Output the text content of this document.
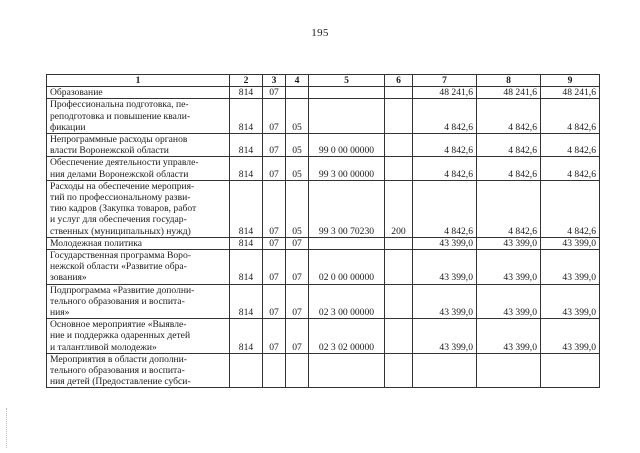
195
1	2	3	4	5	6	7	8	9

Образование	814	07				48 241,6	48 241,6	48 241,6

Профессиональна подготовка, пе-
реподготовка и повышение квали-
фикации	814	07	05			4 842,6	4 842,6	4 842,6

Непрограммные расходы органов
власти Воронежской области	814	07	05	99 0 00 00000		4 842,6	4 842,6	4 842,6

Обеспечение деятельности управле-
ния делами Воронежской области	814	07	05	99 3 00 00000		4 842,6	4 842,6	4 842,6

Расходы на обеспечение мероприя-
тий по профессиональному разви-
тию кадров (Закупка товаров, работ
и услуг для обеспечения государ-
ственных (муниципальных) нужд)	814	07	05	99 3 00 70230	200	4 842,6	4 842,6	4 842,6

Молодежная политика	814	07	07			43 399,0	43 399,0	43 399,0

Государственная программа Воро-
нежской области «Развитие обра-
зования»	814	07	07	02 0 00 00000		43 399,0	43 399,0	43 399,0

Подпрограмма «Развитие дополни-
тельного образования и воспита-
ния»	814	07	07	02 3 00 00000		43 399,0	43 399,0	43 399,0

Основное мероприятие «Выявле-
ние и поддержка одаренных детей
и талантливой молодежи»	814	07	07	02 3 02 00000		43 399,0	43 399,0	43 399,0

Мероприятия в области дополни-
тельного образования и воспита-
ния детей (Предоставление субси-								
